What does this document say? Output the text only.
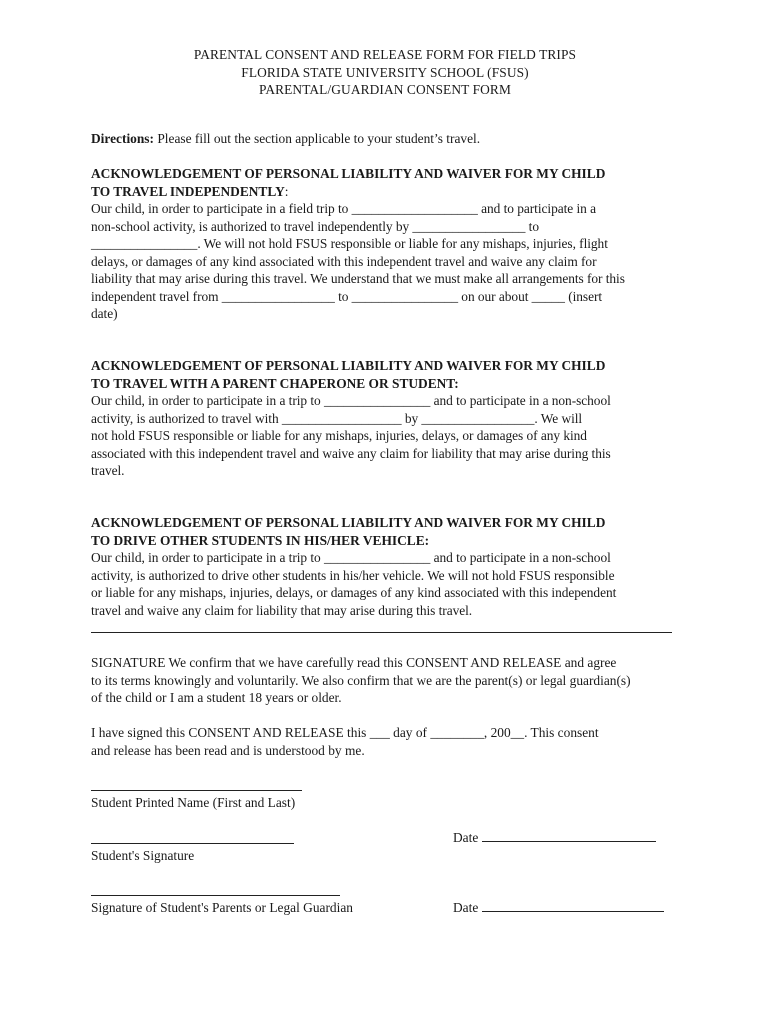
PARENTAL CONSENT AND RELEASE FORM FOR FIELD TRIPS
FLORIDA STATE UNIVERSITY SCHOOL (FSUS)
PARENTAL/GUARDIAN CONSENT FORM
Directions: Please fill out the section applicable to your student’s travel.
ACKNOWLEDGEMENT OF PERSONAL LIABILITY AND WAIVER FOR MY CHILD
TO TRAVEL INDEPENDENTLY:
Our child, in order to participate in a field trip to ___________________ and to participate in a
non-school activity, is authorized to travel independently by _________________ to
________________. We will not hold FSUS responsible or liable for any mishaps, injuries, flight
delays, or damages of any kind associated with this independent travel and waive any claim for
liability that may arise during this travel. We understand that we must make all arrangements for this
independent travel from _________________ to ________________ on our about _____ (insert
date)
ACKNOWLEDGEMENT OF PERSONAL LIABILITY AND WAIVER FOR MY CHILD
TO TRAVEL WITH A PARENT CHAPERONE OR STUDENT:
Our child, in order to participate in a trip to ________________ and to participate in a non-school
activity, is authorized to travel with __________________ by _________________. We will
not hold FSUS responsible or liable for any mishaps, injuries, delays, or damages of any kind
associated with this independent travel and waive any claim for liability that may arise during this
travel.
ACKNOWLEDGEMENT OF PERSONAL LIABILITY AND WAIVER FOR MY CHILD
TO DRIVE OTHER STUDENTS IN HIS/HER VEHICLE:
Our child, in order to participate in a trip to ________________ and to participate in a non-school
activity, is authorized to drive other students in his/her vehicle. We will not hold FSUS responsible
or liable for any mishaps, injuries, delays, or damages of any kind associated with this independent
travel and waive any claim for liability that may arise during this travel.
SIGNATURE We confirm that we have carefully read this CONSENT AND RELEASE and agree
to its terms knowingly and voluntarily. We also confirm that we are the parent(s) or legal guardian(s)
of the child or I am a student 18 years or older.
I have signed this CONSENT AND RELEASE this ___ day of ________, 200__. This consent
and release has been read and is understood by me.
Student Printed Name (First and Last)
Student's Signature
Date
Signature of Student's Parents or Legal Guardian	Date
